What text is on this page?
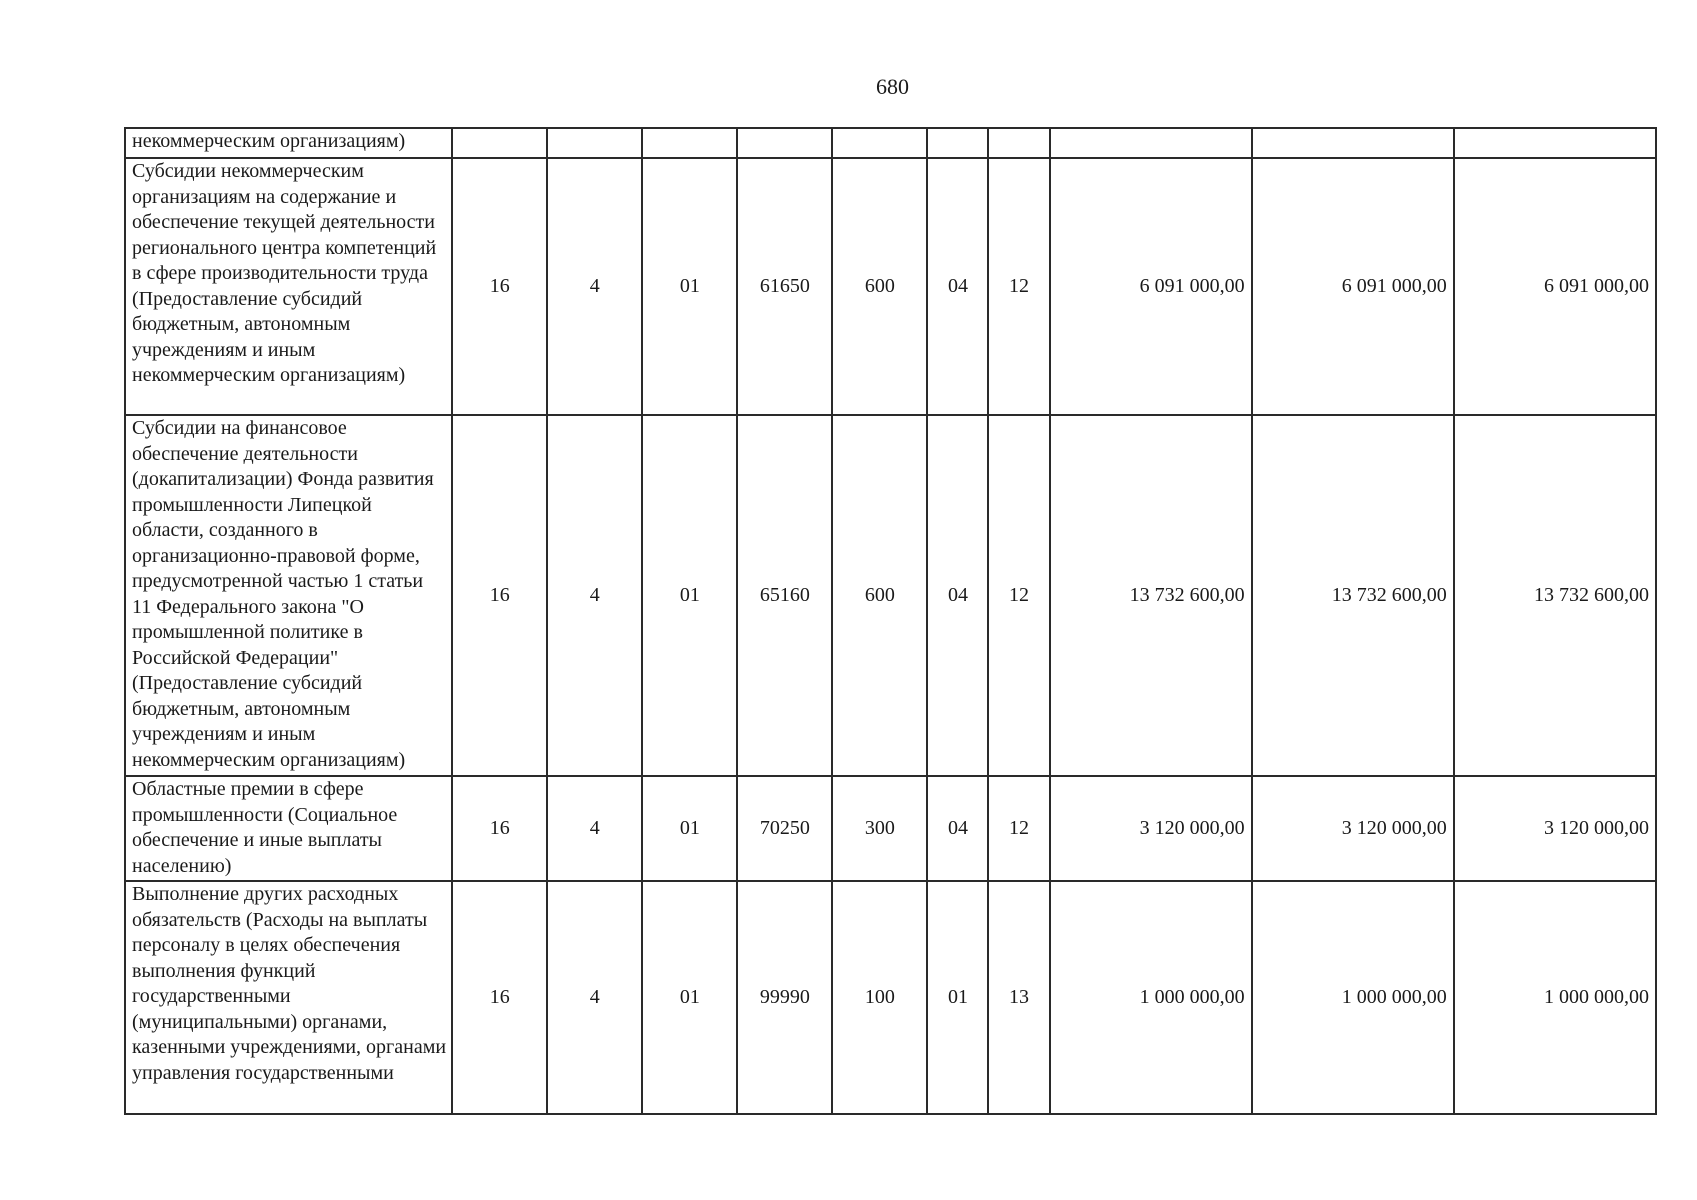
680
некоммерческим организациям)										
Субсидии некоммерческим организациям на содержание и обеспечение текущей деятельности регионального центра компетенций в сфере производительности труда (Предоставление субсидий бюджетным, автономным учреждениям и иным некоммерческим организациям)	16	4	01	61650	600	04	12	6 091 000,00	6 091 000,00	6 091 000,00
Субсидии на финансовое обеспечение деятельности (докапитализации) Фонда развития промышленности Липецкой области, созданного в организационно-правовой форме, предусмотренной частью 1 статьи 11 Федерального закона "О промышленной политике в Российской Федерации" (Предоставление субсидий бюджетным, автономным учреждениям и иным некоммерческим организациям)	16	4	01	65160	600	04	12	13 732 600,00	13 732 600,00	13 732 600,00
Областные премии в сфере промышленности (Социальное обеспечение и иные выплаты населению)	16	4	01	70250	300	04	12	3 120 000,00	3 120 000,00	3 120 000,00
Выполнение других расходных обязательств (Расходы на выплаты персоналу в целях обеспечения выполнения функций государственными (муниципальными) органами, казенными учреждениями, органами управления государственными	16	4	01	99990	100	01	13	1 000 000,00	1 000 000,00	1 000 000,00
